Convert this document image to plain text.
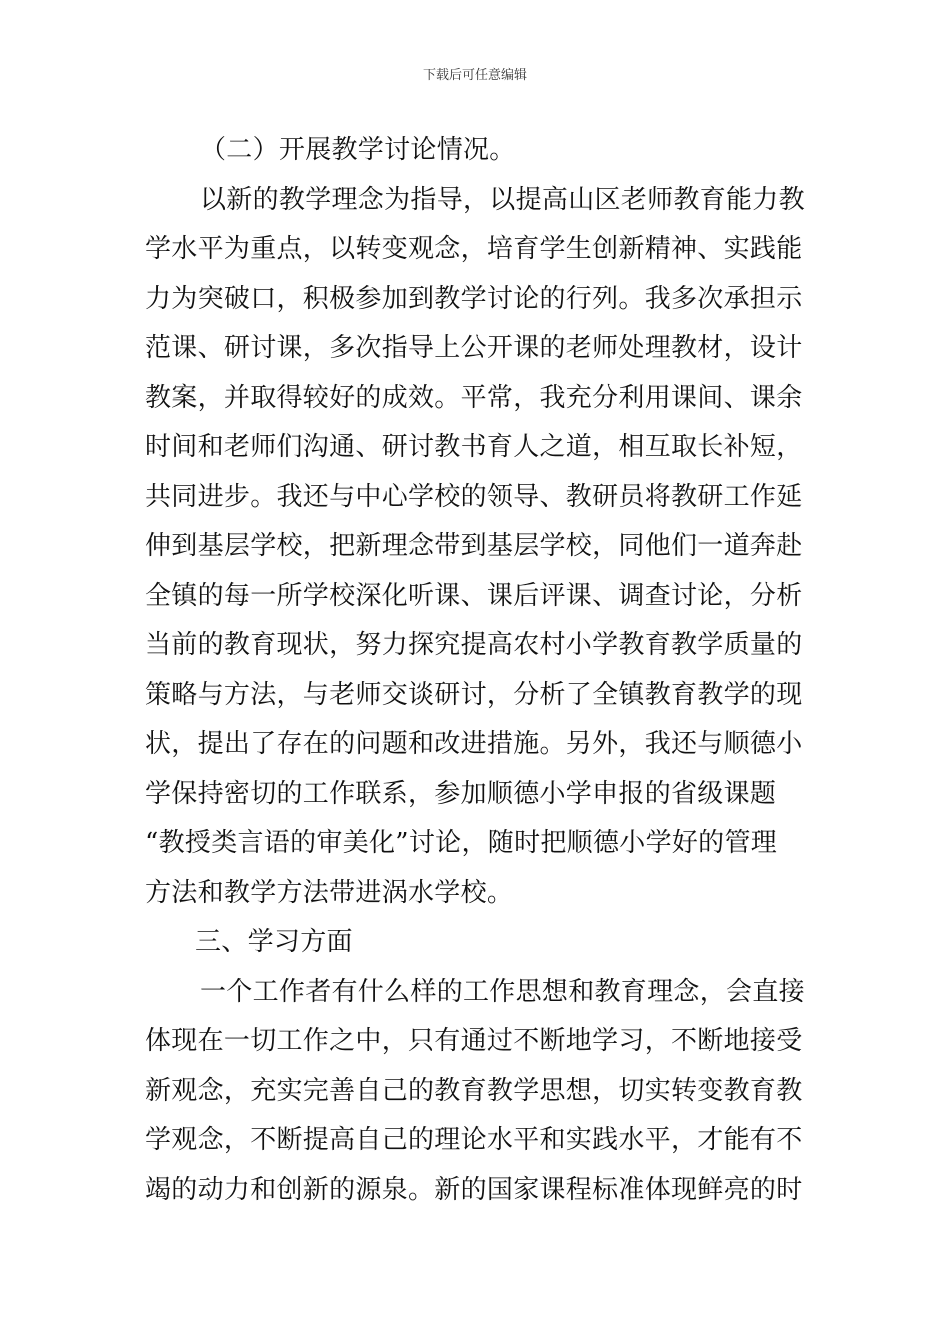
下载后可任意编辑
（二）开展教学讨论情况。
以新的教学理念为指导，以提高山区老师教育能力教
学水平为重点，以转变观念，培育学生创新精神、实践能
力为突破口，积极参加到教学讨论的行列。我多次承担示
范课、研讨课，多次指导上公开课的老师处理教材，设计
教案，并取得较好的成效。平常，我充分利用课间、课余
时间和老师们沟通、研讨教书育人之道，相互取长补短，
共同进步。我还与中心学校的领导、教研员将教研工作延
伸到基层学校，把新理念带到基层学校，同他们一道奔赴
全镇的每一所学校深化听课、课后评课、调查讨论，分析
当前的教育现状，努力探究提高农村小学教育教学质量的
策略与方法，与老师交谈研讨，分析了全镇教育教学的现
状，提出了存在的问题和改进措施。另外，我还与顺德小
学保持密切的工作联系，参加顺德小学申报的省级课题
“教授类言语的审美化”讨论，随时把顺德小学好的管理
方法和教学方法带进涡水学校。
三、学习方面
一个工作者有什么样的工作思想和教育理念，会直接
体现在一切工作之中，只有通过不断地学习，不断地接受
新观念，充实完善自己的教育教学思想，切实转变教育教
学观念，不断提高自己的理论水平和实践水平，才能有不
竭的动力和创新的源泉。新的国家课程标准体现鲜亮的时
